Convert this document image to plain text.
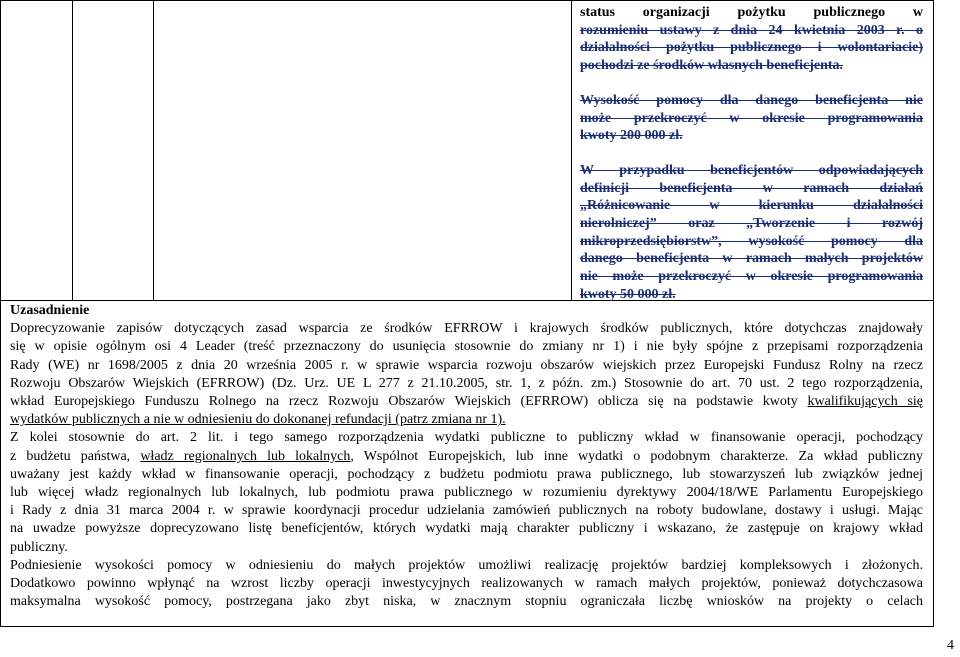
status organizacji pożytku publicznego w

rozumieniu ustawy z dnia 24 kwietnia 2003 r. o

działalności pożytku publicznego i wolontariacie)

pochodzi ze środków własnych beneficjenta.

Wysokość pomocy dla danego beneficjenta nie

może przekroczyć w okresie programowania

kwoty 200 000 zł.

W przypadku beneficjentów odpowiadających

definicji beneficjenta w ramach działań

„Różnicowanie w kierunku działalności

nierolniczej” oraz „Tworzenie i rozwój

mikroprzedsiębiorstw”, wysokość pomocy dla

danego beneficjenta w ramach małych projektów

nie może przekroczyć w okresie programowania

kwoty 50 000 zł.

Uzasadnienie

Doprecyzowanie zapisów dotyczących zasad wsparcia ze środków EFRROW i krajowych środków publicznych, które dotychczas znajdowały

się w opisie ogólnym osi 4 Leader (treść przeznaczony do usunięcia stosownie do zmiany nr 1) i nie były spójne z przepisami rozporządzenia

Rady (WE) nr 1698/2005 z dnia 20 września 2005 r. w sprawie wsparcia rozwoju obszarów wiejskich przez Europejski Fundusz Rolny na rzecz

Rozwoju Obszarów Wiejskich (EFRROW) (Dz. Urz. UE L 277 z 21.10.2005, str. 1, z późn. zm.) Stosownie do art. 70 ust. 2 tego rozporządzenia,

wkład Europejskiego Funduszu Rolnego na rzecz Rozwoju Obszarów Wiejskich (EFRROW) oblicza się na podstawie kwoty kwalifikujących się

wydatków publicznych a nie w odniesieniu do dokonanej refundacji (patrz zmiana nr 1).

Z kolei stosownie do art. 2 lit. i tego samego rozporządzenia wydatki publiczne to publiczny wkład w finansowanie operacji, pochodzący

z budżetu państwa, władz regionalnych lub lokalnych, Wspólnot Europejskich, lub inne wydatki o podobnym charakterze. Za wkład publiczny

uważany jest każdy wkład w finansowanie operacji, pochodzący z budżetu podmiotu prawa publicznego, lub stowarzyszeń lub związków jednej

lub więcej władz regionalnych lub lokalnych, lub podmiotu prawa publicznego w rozumieniu dyrektywy 2004/18/WE Parlamentu Europejskiego

i Rady z dnia 31 marca 2004 r. w sprawie koordynacji procedur udzielania zamówień publicznych na roboty budowlane, dostawy i usługi. Mając

na uwadze powyższe doprecyzowano listę beneficjentów, których wydatki mają charakter publiczny i wskazano, że zastępuje on krajowy wkład

publiczny.

Podniesienie wysokości pomocy w odniesieniu do małych projektów umożliwi realizację projektów bardziej kompleksowych i złożonych.

Dodatkowo powinno wpłynąć na wzrost liczby operacji inwestycyjnych realizowanych w ramach małych projektów, ponieważ dotychczasowa

maksymalna wysokość pomocy, postrzegana jako zbyt niska, w znacznym stopniu ograniczała liczbę wniosków na projekty o celach

4
